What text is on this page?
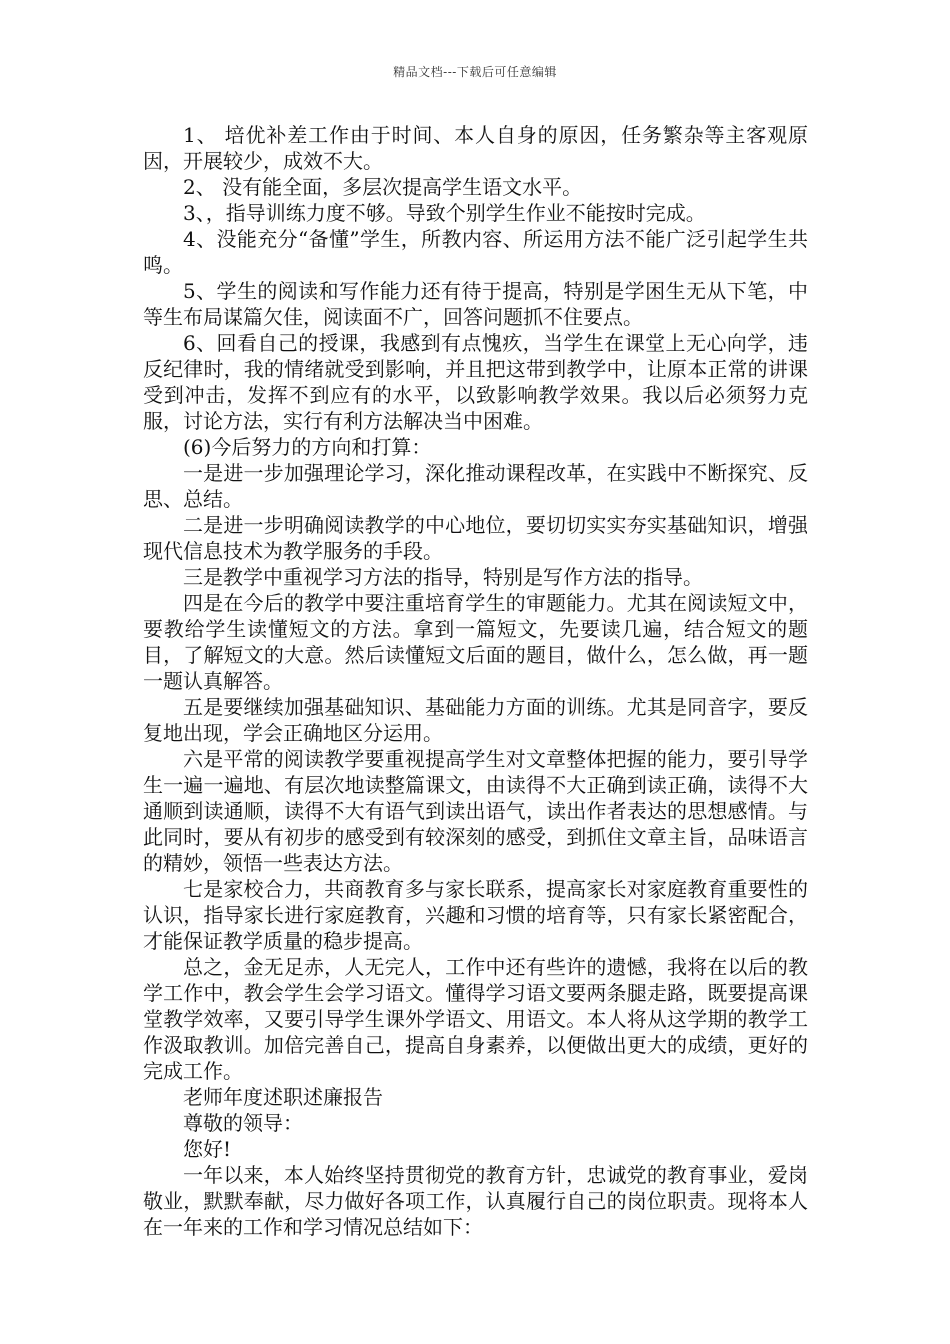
精品文档---下载后可任意编辑

1、 培优补差工作由于时间、本人自身的原因，任务繁杂等主客观原因，开展较少，成效不大。

2、 没有能全面，多层次提高学生语文水平。

3、，指导训练力度不够。导致个别学生作业不能按时完成。

4、没能充分“备懂”学生，所教内容、所运用方法不能广泛引起学生共鸣。

5、学生的阅读和写作能力还有待于提高，特别是学困生无从下笔，中等生布局谋篇欠佳，阅读面不广，回答问题抓不住要点。

6、回看自己的授课，我感到有点愧疚，当学生在课堂上无心向学，违反纪律时，我的情绪就受到影响，并且把这带到教学中，让原本正常的讲课受到冲击，发挥不到应有的水平，以致影响教学效果。我以后必须努力克服，讨论方法，实行有利方法解决当中困难。

(6)今后努力的方向和打算：

一是进一步加强理论学习，深化推动课程改革，在实践中不断探究、反思、总结。

二是进一步明确阅读教学的中心地位，要切切实实夯实基础知识，增强现代信息技术为教学服务的手段。

三是教学中重视学习方法的指导，特别是写作方法的指导。

四是在今后的教学中要注重培育学生的审题能力。尤其在阅读短文中，要教给学生读懂短文的方法。拿到一篇短文，先要读几遍，结合短文的题目，了解短文的大意。然后读懂短文后面的题目，做什么，怎么做，再一题一题认真解答。

五是要继续加强基础知识、基础能力方面的训练。尤其是同音字，要反复地出现，学会正确地区分运用。

六是平常的阅读教学要重视提高学生对文章整体把握的能力，要引导学生一遍一遍地、有层次地读整篇课文，由读得不大正确到读正确，读得不大通顺到读通顺，读得不大有语气到读出语气，读出作者表达的思想感情。与此同时，要从有初步的感受到有较深刻的感受，到抓住文章主旨，品味语言的精妙，领悟一些表达方法。

七是家校合力，共商教育多与家长联系，提高家长对家庭教育重要性的认识，指导家长进行家庭教育，兴趣和习惯的培育等，只有家长紧密配合，才能保证教学质量的稳步提高。

总之，金无足赤，人无完人，工作中还有些许的遗憾，我将在以后的教学工作中，教会学生会学习语文。懂得学习语文要两条腿走路，既要提高课堂教学效率，又要引导学生课外学语文、用语文。本人将从这学期的教学工作汲取教训。加倍完善自己，提高自身素养，以便做出更大的成绩，更好的完成工作。

老师年度述职述廉报告

尊敬的领导：

您好!

一年以来，本人始终坚持贯彻党的教育方针，忠诚党的教育事业，爱岗敬业，默默奉献，尽力做好各项工作，认真履行自己的岗位职责。现将本人在一年来的工作和学习情况总结如下：
